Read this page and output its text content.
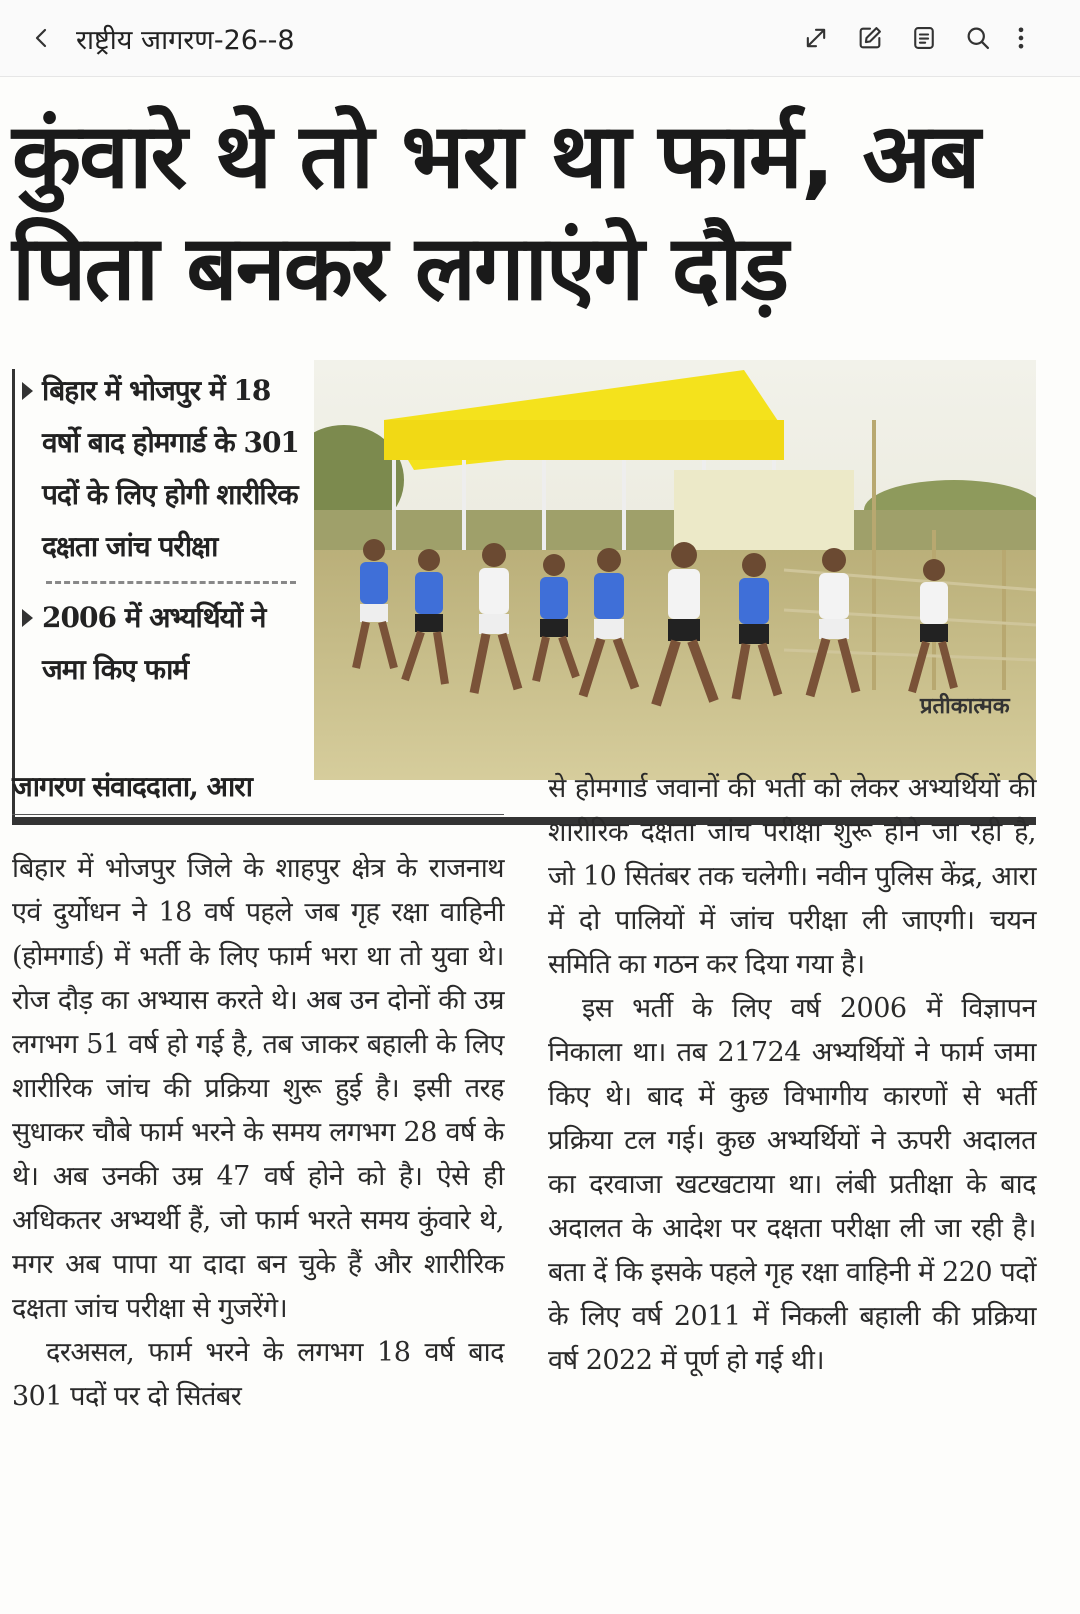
राष्ट्रीय जागरण-26--8
कुंवारे थे तो भरा था फार्म, अब
पिता बनकर लगाएंगे दौड़
बिहार में भोजपुर में 18 वर्षो बाद होमगार्ड के 301 पदों के लिए होगी शारीरिक दक्षता जांच परीक्षा
2006 में अभ्यर्थियों ने जमा किए फार्म
प्रतीकात्मक
जागरण संवाददाता, आरा

बिहार में भोजपुर जिले के शाहपुर क्षेत्र के राजनाथ एवं दुर्योधन ने 18 वर्ष पहले जब गृह रक्षा वाहिनी (होमगार्ड) में भर्ती के लिए फार्म भरा था तो युवा थे। रोज दौड़ का अभ्यास करते थे। अब उन दोनों की उम्र लगभग 51 वर्ष हो गई है, तब जाकर बहाली के लिए शारीरिक जांच की प्रक्रिया शुरू हुई है। इसी तरह सुधाकर चौबे फार्म भरने के समय लगभग 28 वर्ष के थे। अब उनकी उम्र 47 वर्ष होने को है। ऐसे ही अधिकतर अभ्यर्थी हैं, जो फार्म भरते समय कुंवारे थे, मगर अब पापा या दादा बन चुके हैं और शारीरिक दक्षता जांच परीक्षा से गुजरेंगे।

दरअसल, फार्म भरने के लगभग 18 वर्ष बाद 301 पदों पर दो सितंबर

से होमगार्ड जवानों की भर्ती को लेकर अभ्यर्थियों की शारीरिक दक्षता जांच परीक्षा शुरू होने जा रही है, जो 10 सितंबर तक चलेगी। नवीन पुलिस केंद्र, आरा में दो पालियों में जांच परीक्षा ली जाएगी। चयन समिति का गठन कर दिया गया है।

इस भर्ती के लिए वर्ष 2006 में विज्ञापन निकाला था। तब 21724 अभ्यर्थियों ने फार्म जमा किए थे। बाद में कुछ विभागीय कारणों से भर्ती प्रक्रिया टल गई। कुछ अभ्यर्थियों ने ऊपरी अदालत का दरवाजा खटखटाया था। लंबी प्रतीक्षा के बाद अदालत के आदेश पर दक्षता परीक्षा ली जा रही है। बता दें कि इसके पहले गृह रक्षा वाहिनी में 220 पदों के लिए वर्ष 2011 में निकली बहाली की प्रक्रिया वर्ष 2022 में पूर्ण हो गई थी।
